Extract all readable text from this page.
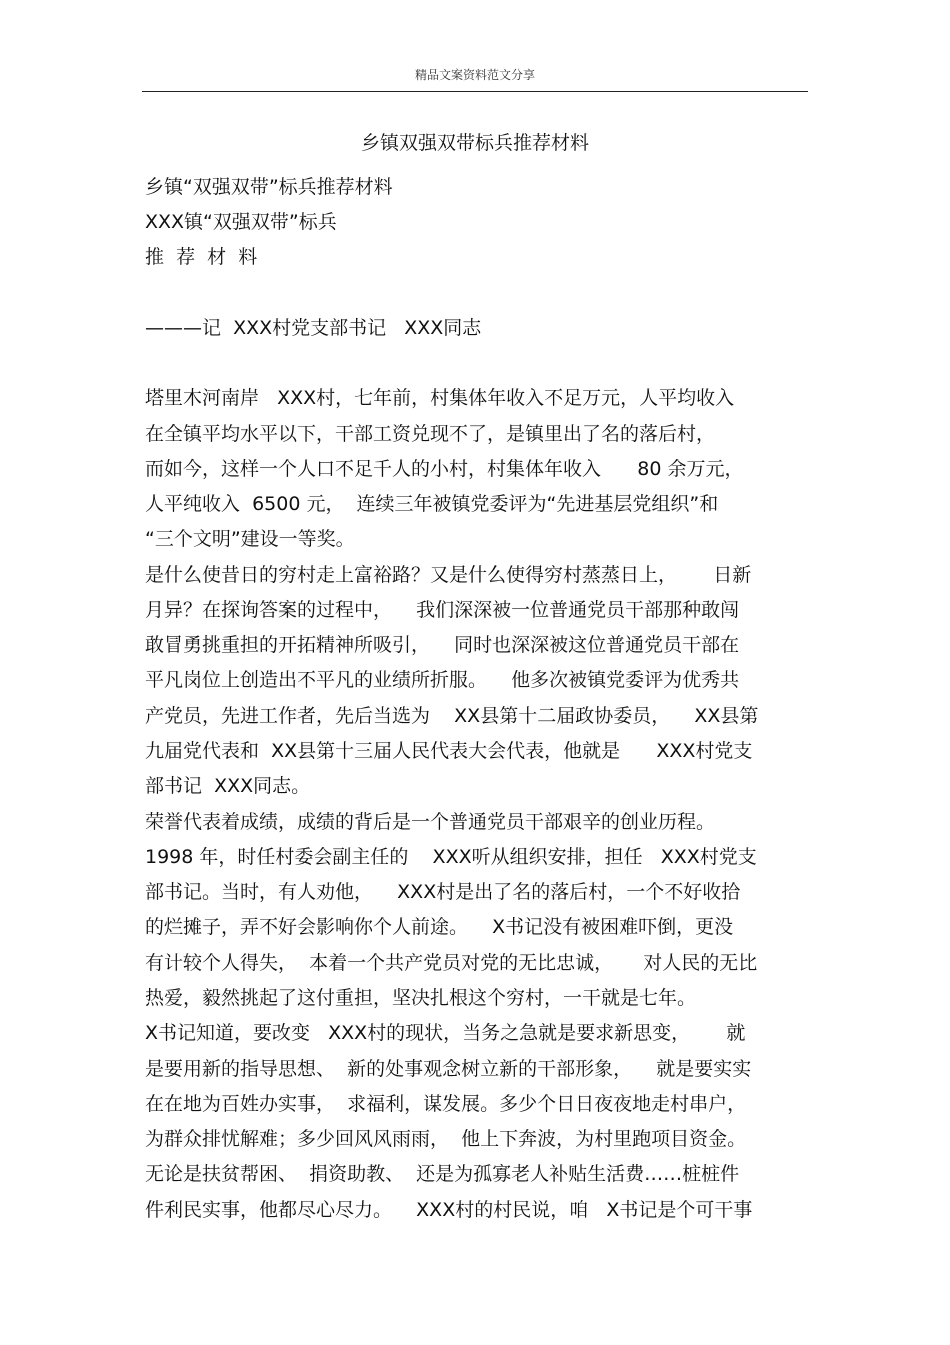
精品文案资料范文分享
乡镇双强双带标兵推荐材料
乡镇“双强双带”标兵推荐材料
XXX镇“双强双带”标兵
推  荐  材  料
———记  XXX村党支部书记   XXX同志
塔里木河南岸   XXX村，七年前，村集体年收入不足万元，人平均收入
在全镇平均水平以下，干部工资兑现不了，是镇里出了名的落后村，
而如今，这样一个人口不足千人的小村，村集体年收入      80 余万元，
人平纯收入  6500 元，  连续三年被镇党委评为“先进基层党组织”和
“三个文明”建设一等奖。
是什么使昔日的穷村走上富裕路？又是什么使得穷村蒸蒸日上，      日新
月异？在探询答案的过程中，    我们深深被一位普通党员干部那种敢闯
敢冒勇挑重担的开拓精神所吸引，    同时也深深被这位普通党员干部在
平凡岗位上创造出不平凡的业绩所折服。    他多次被镇党委评为优秀共
产党员，先进工作者，先后当选为    XX县第十二届政协委员，    XX县第
九届党代表和  XX县第十三届人民代表大会代表，他就是      XXX村党支
部书记  XXX同志。
荣誉代表着成绩，成绩的背后是一个普通党员干部艰辛的创业历程。
1998 年，时任村委会副主任的    XXX听从组织安排，担任   XXX村党支
部书记。当时，有人劝他，    XXX村是出了名的落后村，一个不好收拾
的烂摊子，弄不好会影响你个人前途。    X书记没有被困难吓倒，更没
有计较个人得失，  本着一个共产党员对党的无比忠诚，     对人民的无比
热爱，毅然挑起了这付重担，坚决扎根这个穷村，一干就是七年。
X书记知道，要改变   XXX村的现状，当务之急就是要求新思变，      就
是要用新的指导思想、  新的处事观念树立新的干部形象，    就是要实实
在在地为百姓办实事，  求福利，谋发展。多少个日日夜夜地走村串户，
为群众排忧解难；多少回风风雨雨，  他上下奔波，为村里跑项目资金。
无论是扶贫帮困、  捐资助教、  还是为孤寡老人补贴生活费……桩桩件
件利民实事，他都尽心尽力。    XXX村的村民说，咱   X书记是个可干事
